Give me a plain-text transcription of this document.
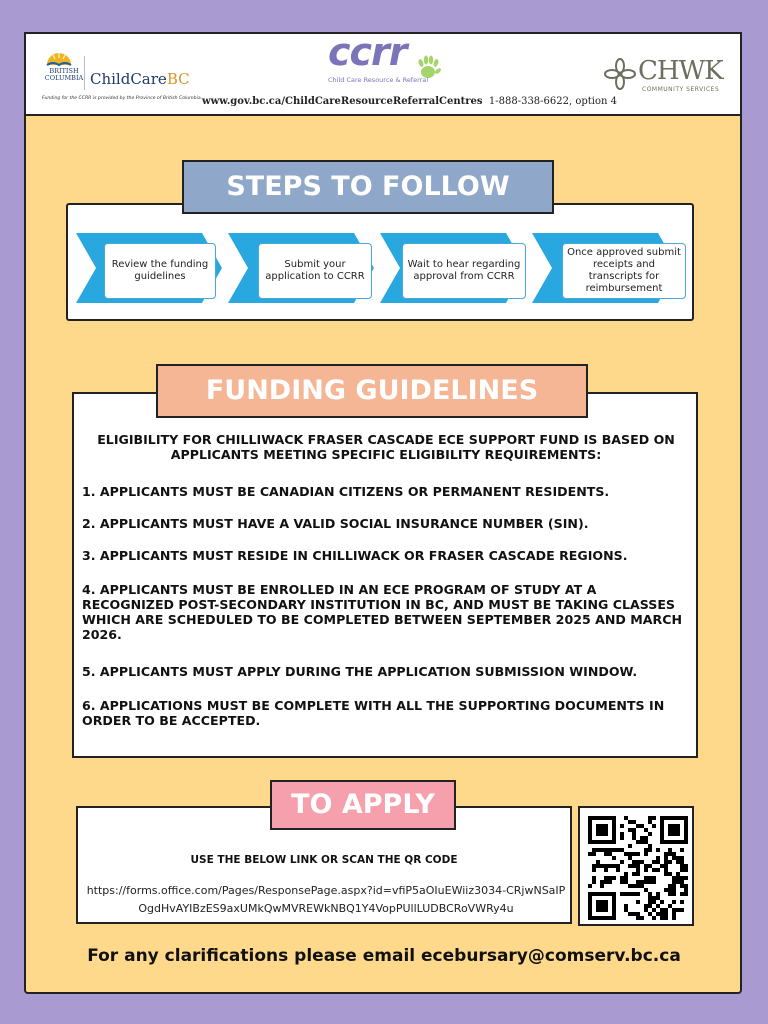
BRITISH
COLUMBIA ChildCareBC
Funding for the CCRR is provided by the Province of British Columbia.
ccrr
Child Care Resource & Referral	CHWK
COMMUNITY SERVICES
www.gov.bc.ca/ChildCareResourceReferralCentres 1-888-338-6622, option 4
Review the funding guidelines
Submit your application to CCRR
Wait to hear regarding approval from CCRR
Once approved submit receipts and transcripts for reimbursement
STEPS TO FOLLOW

ELIGIBILITY FOR CHILLIWACK FRASER CASCADE ECE SUPPORT FUND IS BASED ON APPLICANTS MEETING SPECIFIC ELIGIBILITY REQUIREMENTS:

1. APPLICANTS MUST BE CANADIAN CITIZENS OR PERMANENT RESIDENTS.

2. APPLICANTS MUST HAVE A VALID SOCIAL INSURANCE NUMBER (SIN).

3. APPLICANTS MUST RESIDE IN CHILLIWACK OR FRASER CASCADE REGIONS.

4. APPLICANTS MUST BE ENROLLED IN AN ECE PROGRAM OF STUDY AT A RECOGNIZED POST-SECONDARY INSTITUTION IN BC, AND MUST BE TAKING CLASSES WHICH ARE SCHEDULED TO BE COMPLETED BETWEEN SEPTEMBER 2025 AND MARCH 2026.

5. APPLICANTS MUST APPLY DURING THE APPLICATION SUBMISSION WINDOW.

6. APPLICATIONS MUST BE COMPLETE WITH ALL THE SUPPORTING DOCUMENTS IN ORDER TO BE ACCEPTED.

FUNDING GUIDELINES
USE THE BELOW LINK OR SCAN THE QR CODE
https://forms.office.com/Pages/ResponsePage.aspx?id=vfiP5aOIuEWiiz3034-CRjwNSaIPOgdHvAYIBzES9axUMkQwMVREWkNBQ1Y4VopPUllLUDBCRoVWRy4u
TO APPLY
For any clarifications please email ecebursary@comserv.bc.ca
